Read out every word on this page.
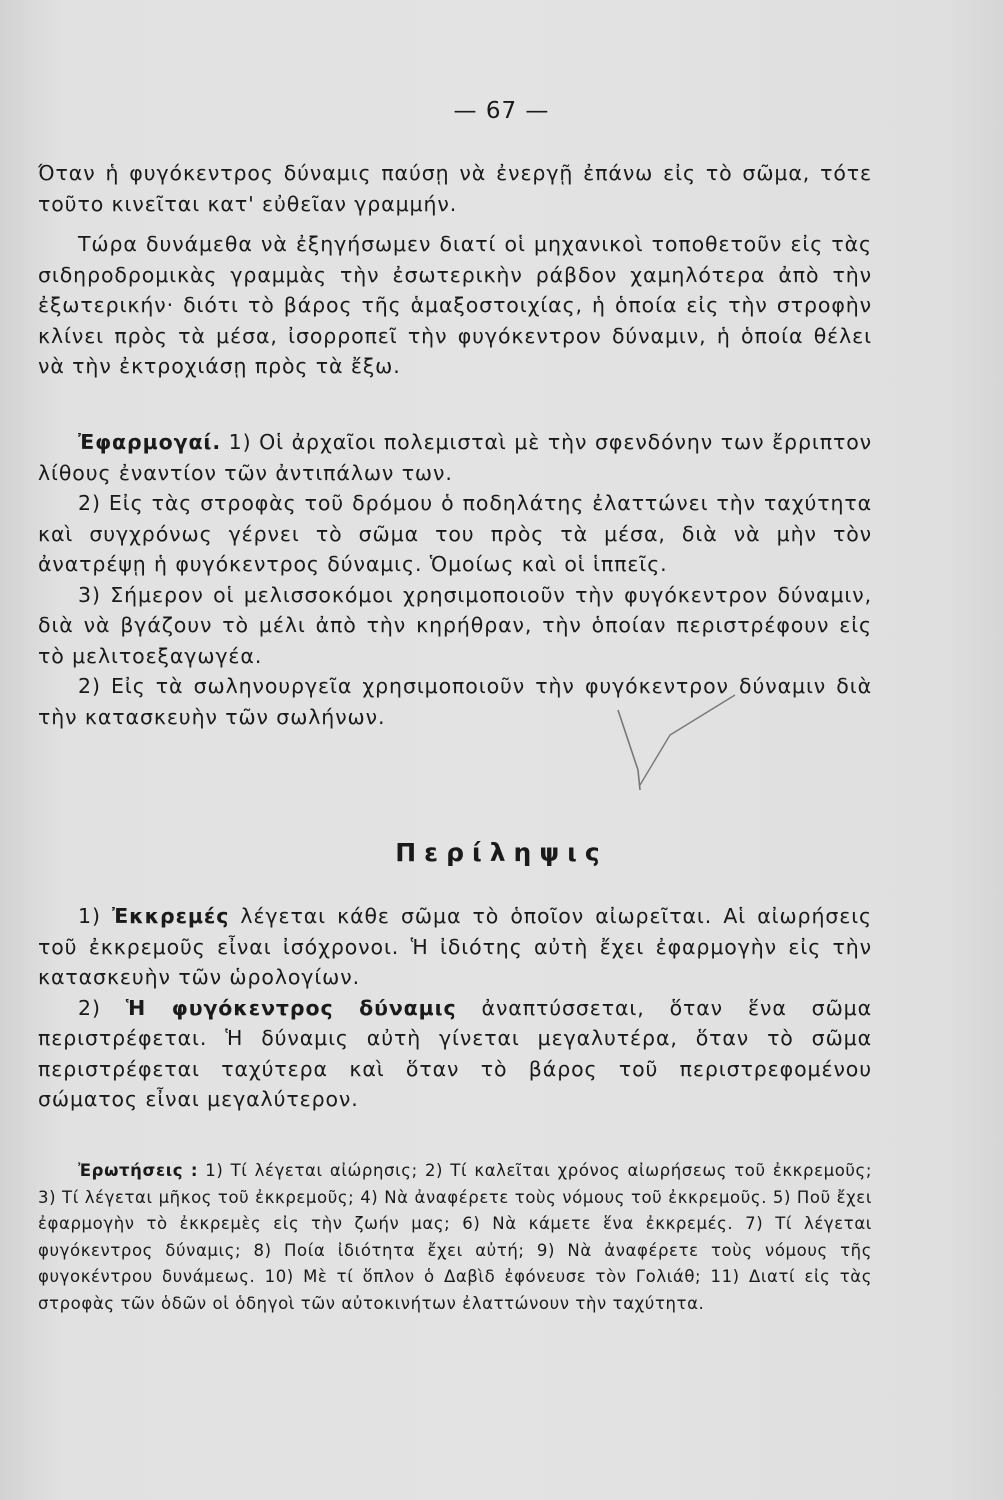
— 67 —

Όταν ἡ φυγόκεντρος δύναμις παύσῃ νὰ ἐνεργῇ ἐπάνω εἰς τὸ σῶμα, τότε τοῦτο κινεῖται κατ' εὐθεῖαν γραμμήν.

Τώρα δυνάμεθα νὰ ἐξηγήσωμεν διατί οἱ μηχανικοὶ τοποθετοῦν εἰς τὰς σιδηροδρομικὰς γραμμὰς τὴν ἐσωτερικὴν ράβδον χαμηλότερα ἀπὸ τὴν ἐξωτερικήν· διότι τὸ βάρος τῆς ἁμαξοστοιχίας, ἡ ὁποία εἰς τὴν στροφὴν κλίνει πρὸς τὰ μέσα, ἰσορροπεῖ τὴν φυγόκεντρον δύναμιν, ἡ ὁποία θέλει νὰ τὴν ἐκτροχιάσῃ πρὸς τὰ ἔξω.

Ἐφαρμογαί. 1) Οἱ ἀρχαῖοι πολεμισταὶ μὲ τὴν σφενδόνην των ἔρριπτον λίθους ἐναντίον τῶν ἀντιπάλων των.

2) Εἰς τὰς στροφὰς τοῦ δρόμου ὁ ποδηλάτης ἐλαττώνει τὴν ταχύτητα καὶ συγχρόνως γέρνει τὸ σῶμα του πρὸς τὰ μέσα, διὰ νὰ μὴν τὸν ἀνατρέψῃ ἡ φυγόκεντρος δύναμις. Ὁμοίως καὶ οἱ ἱππεῖς.

3) Σήμερον οἱ μελισσοκόμοι χρησιμοποιοῦν τὴν φυγόκεντρον δύναμιν, διὰ νὰ βγάζουν τὸ μέλι ἀπὸ τὴν κηρήθραν, τὴν ὁποίαν περιστρέφουν εἰς τὸ μελιτοεξαγωγέα.

2) Εἰς τὰ σωληνουργεῖα χρησιμοποιοῦν τὴν φυγόκεντρον δύναμιν διὰ τὴν κατασκευὴν τῶν σωλήνων.

Περίληψις

1) Ἐκκρεμές λέγεται κάθε σῶμα τὸ ὁποῖον αἰωρεῖται. Αἱ αἰωρήσεις τοῦ ἐκκρεμοῦς εἶναι ἰσόχρονοι. Ἡ ἰδιότης αὐτὴ ἔχει ἐφαρμογὴν εἰς τὴν κατασκευὴν τῶν ὡρολογίων.

2) Ἡ φυγόκεντρος δύναμις ἀναπτύσσεται, ὅταν ἕνα σῶμα περιστρέφεται. Ἡ δύναμις αὐτὴ γίνεται μεγαλυτέρα, ὅταν τὸ σῶμα περιστρέφεται ταχύτερα καὶ ὅταν τὸ βάρος τοῦ περιστρεφομένου σώματος εἶναι μεγαλύτερον.

Ἐρωτήσεις : 1) Τί λέγεται αἰώρησις; 2) Τί καλεῖται χρόνος αἰωρήσεως τοῦ ἐκκρεμοῦς; 3) Τί λέγεται μῆκος τοῦ ἐκκρεμοῦς; 4) Νὰ ἀναφέρετε τοὺς νόμους τοῦ ἐκκρεμοῦς. 5) Ποῦ ἔχει ἐφαρμογὴν τὸ ἐκκρεμὲς εἰς τὴν ζωήν μας; 6) Νὰ κάμετε ἕνα ἐκκρεμές. 7) Τί λέγεται φυγόκεντρος δύναμις; 8) Ποία ἰδιότητα ἔχει αὐτή; 9) Νὰ ἀναφέρετε τοὺς νόμους τῆς φυγοκέντρου δυνάμεως. 10) Μὲ τί ὅπλον ὁ Δαβὶδ ἐφόνευσε τὸν Γολιάθ; 11) Διατί εἰς τὰς στροφὰς τῶν ὁδῶν οἱ ὁδηγοὶ τῶν αὐτοκινήτων ἐλαττώνουν τὴν ταχύτητα.
